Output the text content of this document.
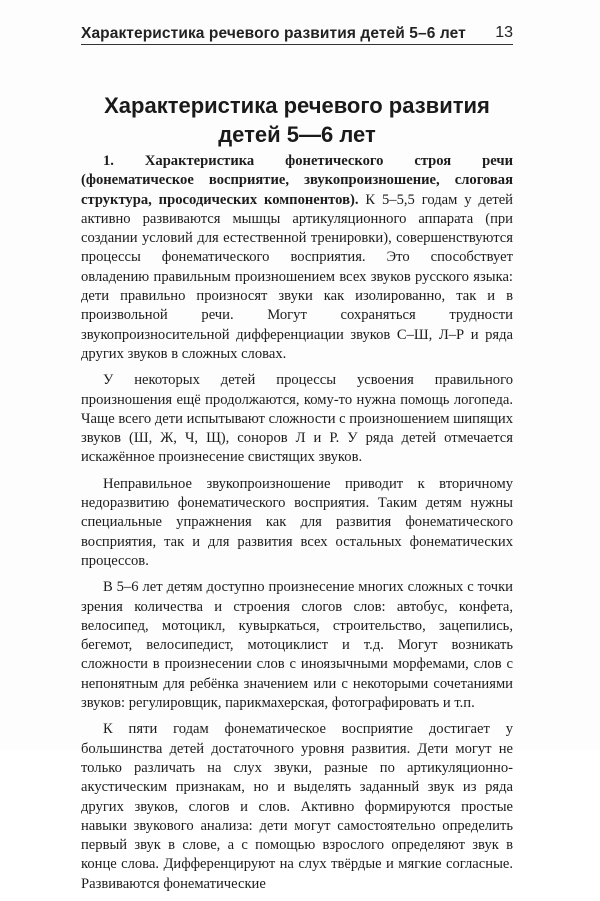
Характеристика речевого развития детей 5–6 лет 13
Характеристика речевого развития
детей 5—6 лет

1. Характеристика фонетического строя речи (фонематическое восприятие, звукопроизношение, слоговая структура, просодических компонентов). К 5–5,5 годам у детей активно развиваются мышцы артикуляционного аппарата (при создании условий для естественной тренировки), совершенствуются процессы фонематического восприятия. Это способствует овладению правильным произношением всех звуков русского языка: дети правильно произносят звуки как изолированно, так и в произвольной речи. Могут сохраняться трудности звукопроизносительной дифференциации звуков С–Ш, Л–Р и ряда других звуков в сложных словах.

У некоторых детей процессы усвоения правильного произношения ещё продолжаются, кому-то нужна помощь логопеда. Чаще всего дети испытывают сложности с произношением шипящих звуков (Ш, Ж, Ч, Щ), соноров Л и Р. У ряда детей отмечается искажённое произнесение свистящих звуков.

Неправильное звукопроизношение приводит к вторичному недоразвитию фонематического восприятия. Таким детям нужны специальные упражнения как для развития фонематического восприятия, так и для развития всех остальных фонематических процессов.

В 5–6 лет детям доступно произнесение многих сложных с точки зрения количества и строения слогов слов: автобус, конфета, велосипед, мотоцикл, кувыркаться, строительство, зацепились, бегемот, велосипедист, мотоциклист и т.д. Могут возникать сложности в произнесении слов с иноязычными морфемами, слов с непонятным для ребёнка значением или с некоторыми сочетаниями звуков: регулировщик, парикмахерская, фотографировать и т.п.

К пяти годам фонематическое восприятие достигает у большинства детей достаточного уровня развития. Дети могут не только различать на слух звуки, разные по артикуляционно-акустическим признакам, но и выделять заданный звук из ряда других звуков, слогов и слов. Активно формируются простые навыки звукового анализа: дети могут самостоятельно определить первый звук в слове, а с помощью взрослого определяют звук в конце слова. Дифференцируют на слух твёрдые и мягкие согласные. Развиваются фонематические
